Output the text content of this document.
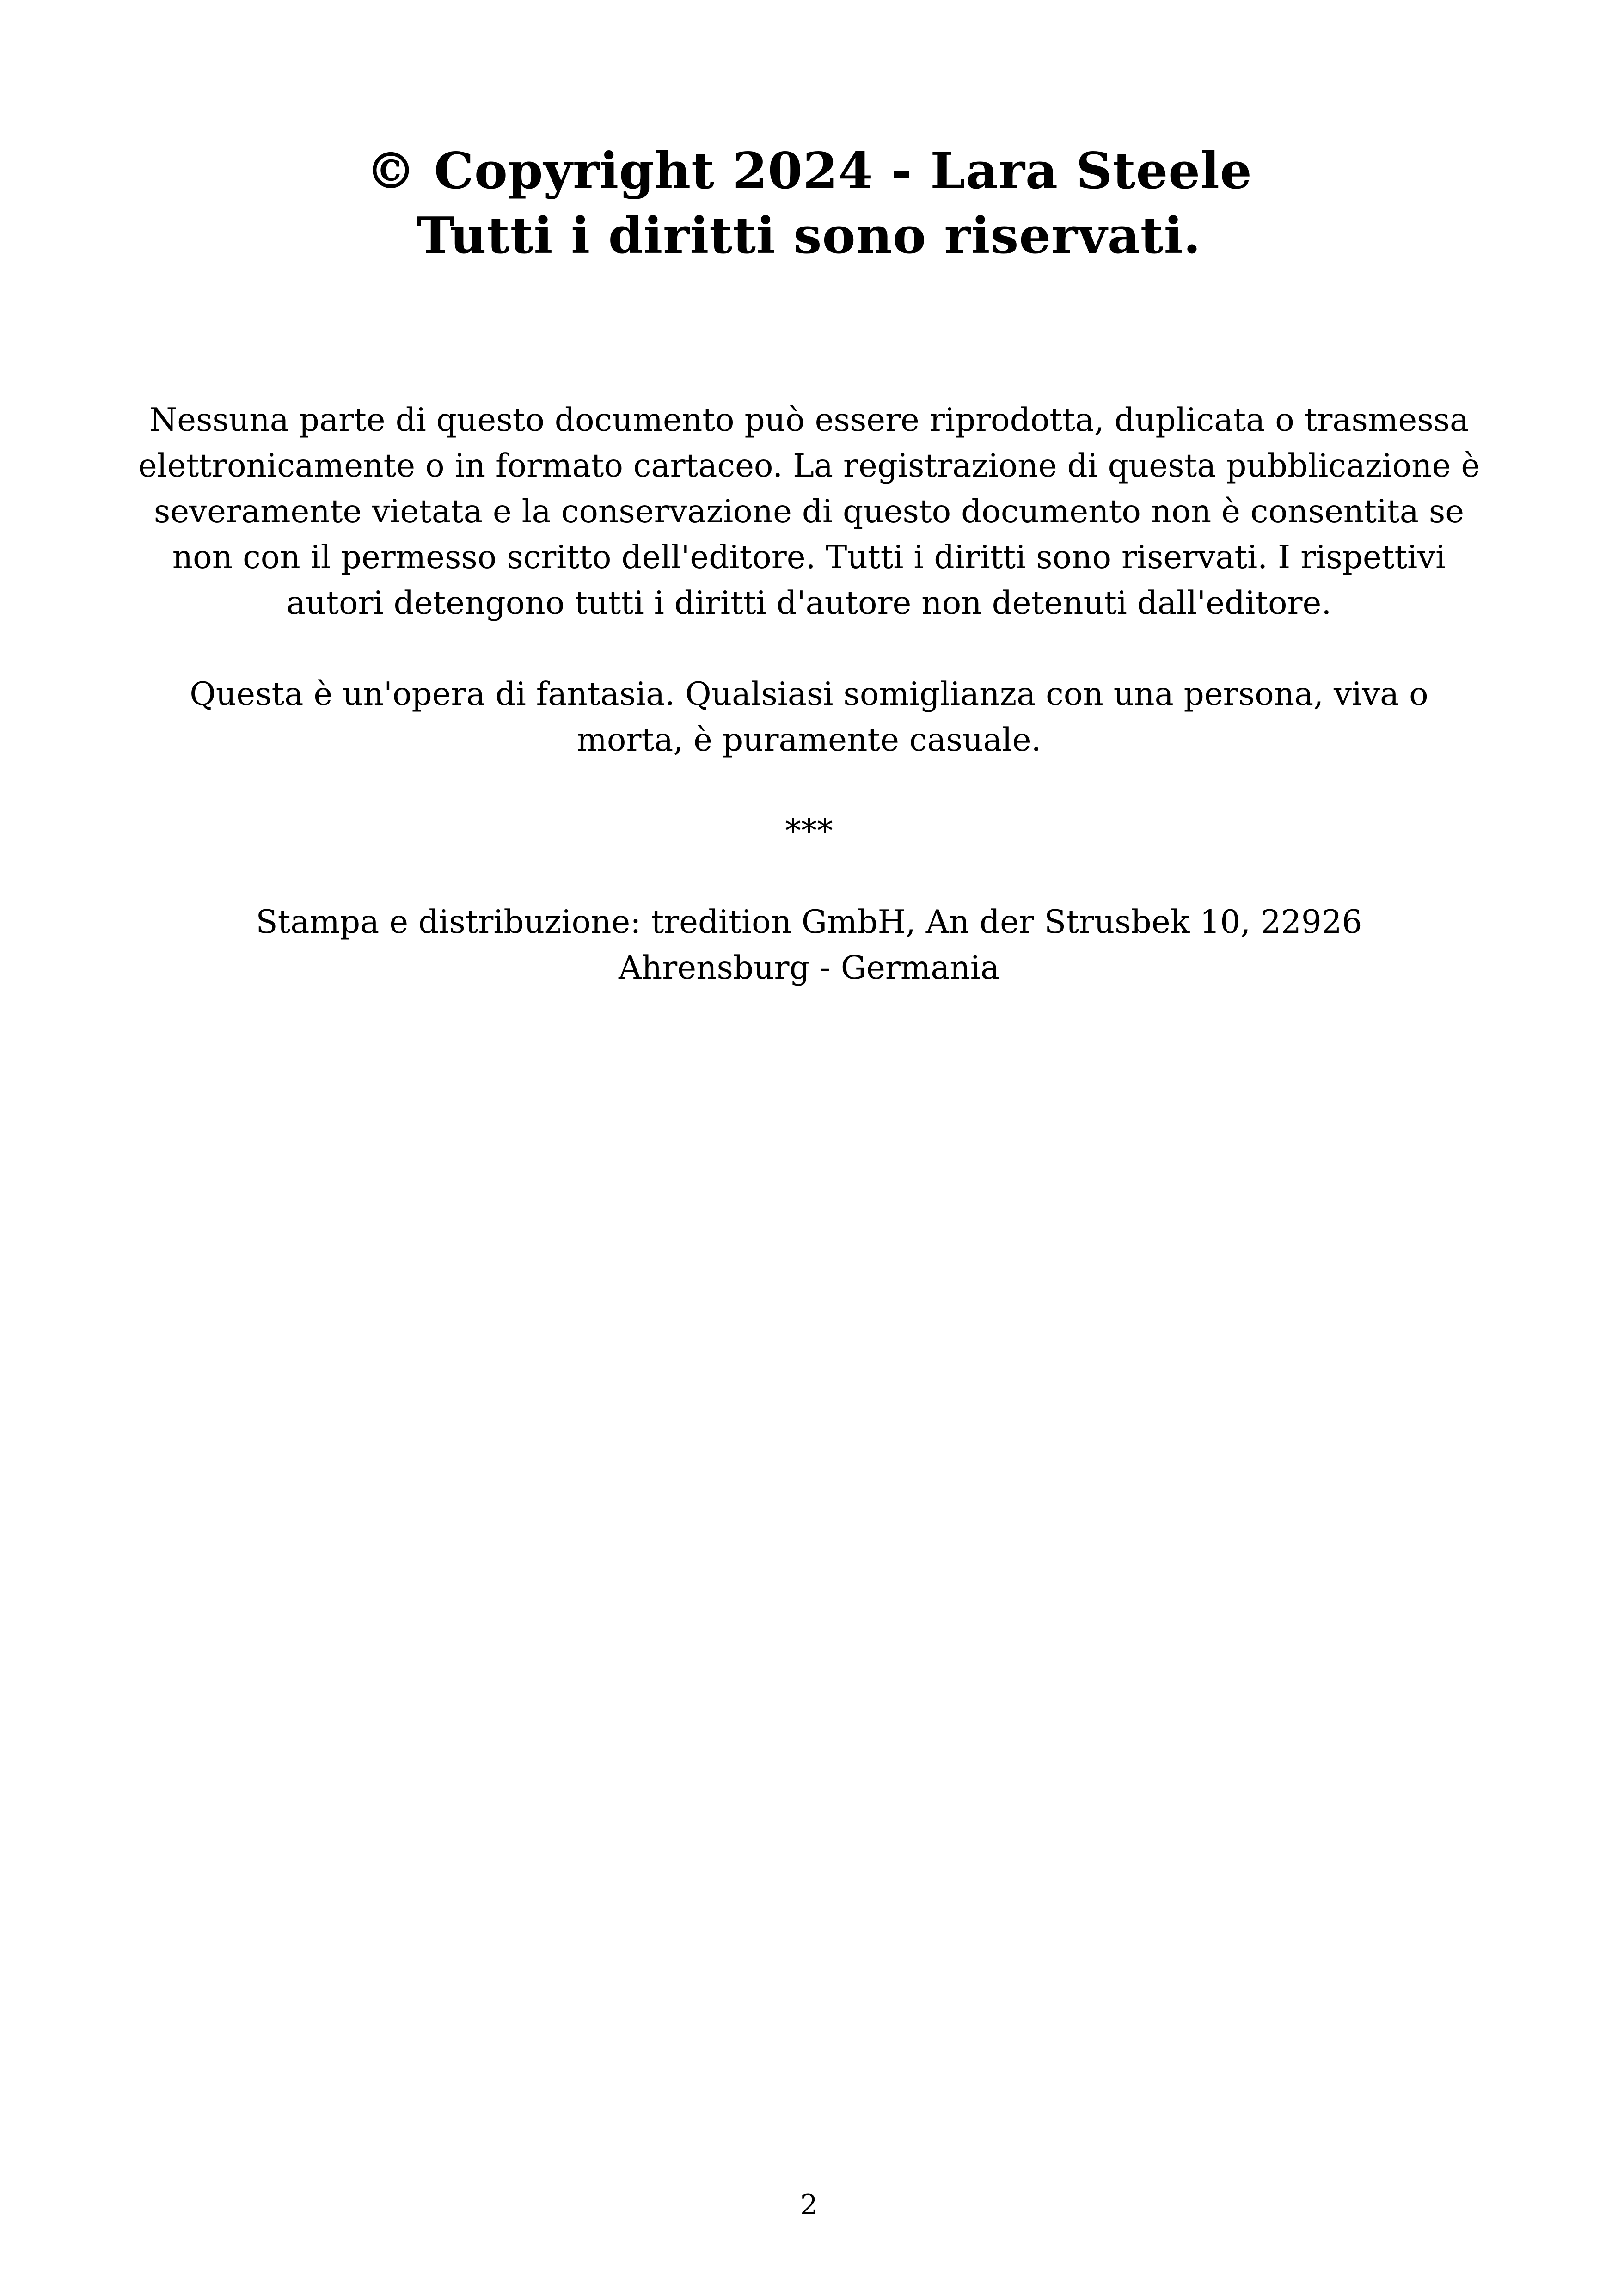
© Copyright 2024 - Lara Steele
Tutti i diritti sono riservati.

Nessuna parte di questo documento può essere riprodotta, duplicata o trasmessa elettronicamente o in formato cartaceo. La registrazione di questa pubblicazione è severamente vietata e la conservazione di questo documento non è consentita se non con il permesso scritto dell'editore. Tutti i diritti sono riservati. I rispettivi autori detengono tutti i diritti d'autore non detenuti dall'editore.

Questa è un'opera di fantasia. Qualsiasi somiglianza con una persona, viva o morta, è puramente casuale.

***
Stampa e distribuzione: tredition GmbH, An der Strusbek 10, 22926
Ahrensburg - Germania
2
